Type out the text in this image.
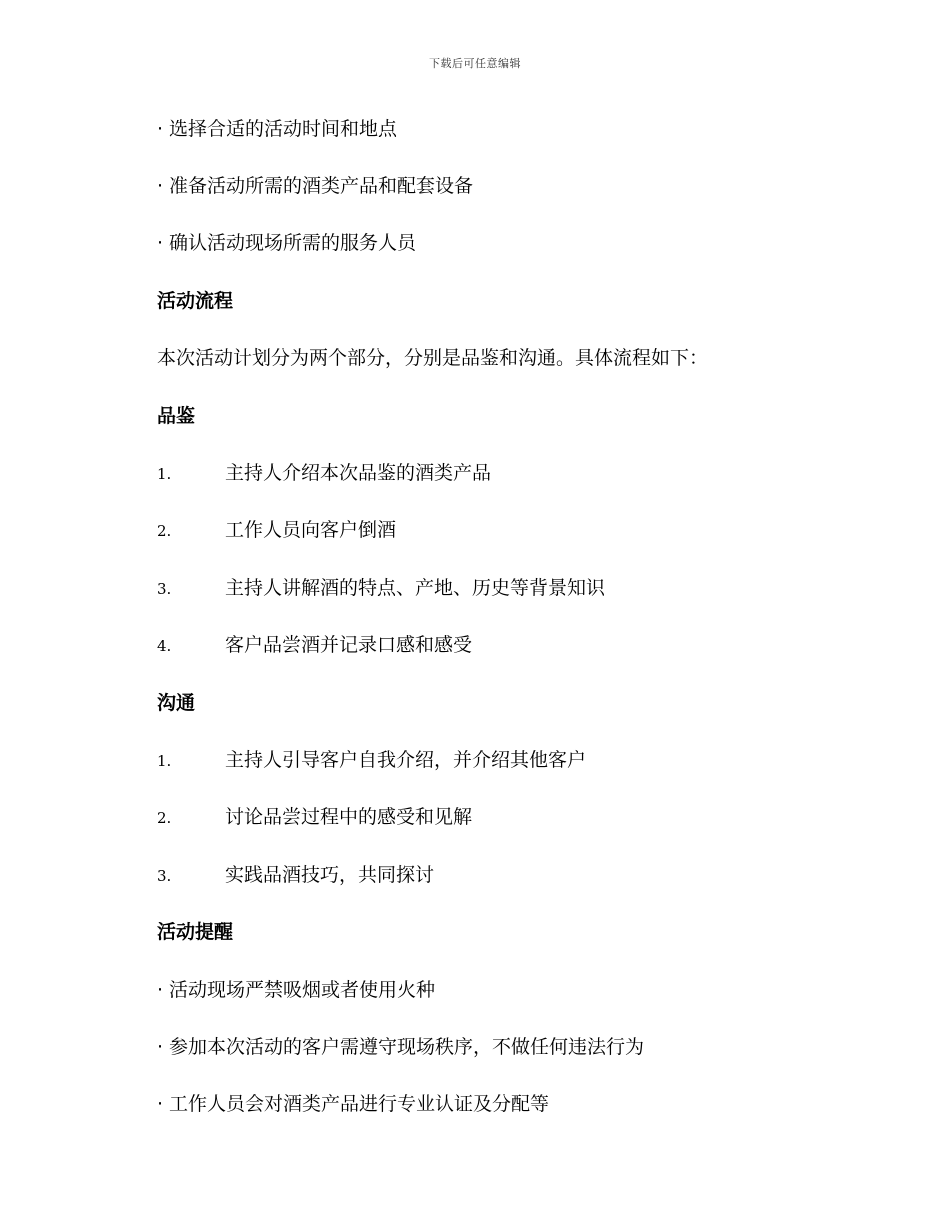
下载后可任意编辑
· 选择合适的活动时间和地点
· 准备活动所需的酒类产品和配套设备
· 确认活动现场所需的服务人员
活动流程
本次活动计划分为两个部分，分别是品鉴和沟通。具体流程如下：
品鉴
1.	主持人介绍本次品鉴的酒类产品
2.	工作人员向客户倒酒
3.	主持人讲解酒的特点、产地、历史等背景知识
4.	客户品尝酒并记录口感和感受
沟通
1.	主持人引导客户自我介绍，并介绍其他客户
2.	讨论品尝过程中的感受和见解
3.	实践品酒技巧，共同探讨
活动提醒
· 活动现场严禁吸烟或者使用火种
· 参加本次活动的客户需遵守现场秩序，不做任何违法行为
· 工作人员会对酒类产品进行专业认证及分配等
